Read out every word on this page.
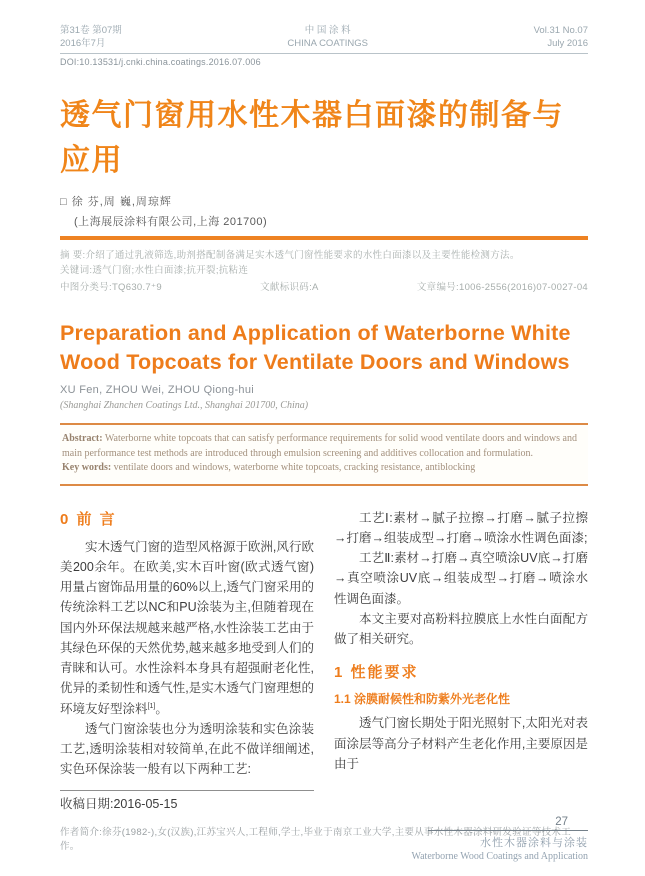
第31卷 第07期
2016年7月
中 国 涂 料
CHINA COATINGS
Vol.31 No.07
July 2016
DOI:10.13531/j.cnki.china.coatings.2016.07.006
透气门窗用水性木器白面漆的制备与应用
□ 徐 芬,周 巍,周琼辉
(上海展辰涂料有限公司,上海 201700)
摘 要:介绍了通过乳液筛选,助剂搭配制备满足实木透气门窗性能要求的水性白面漆以及主要性能检测方法。
关键词:透气门窗;水性白面漆;抗开裂;抗粘连
中图分类号:TQ630.7⁺9	文献标识码:A	文章编号:1006-2556(2016)07-0027-04
Preparation and Application of Waterborne White Wood Topcoats for Ventilate Doors and Windows
XU Fen, ZHOU Wei, ZHOU Qiong-hui
(Shanghai Zhanchen Coatings Ltd., Shanghai 201700, China)
Abstract: Waterborne white topcoats that can satisfy performance requirements for solid wood ventilate doors and windows and main performance test methods are introduced through emulsion screening and additives collocation and formulation.
Key words: ventilate doors and windows, waterborne white topcoats, cracking resistance, antiblocking
0 前 言

实木透气门窗的造型风格源于欧洲,风行欧美200余年。在欧美,实木百叶窗(欧式透气窗)用量占窗饰品用量的60%以上,透气门窗采用的传统涂料工艺以NC和PU涂装为主,但随着现在国内外环保法规越来越严格,水性涂装工艺由于其绿色环保的天然优势,越来越多地受到人们的青睐和认可。水性涂料本身具有超强耐老化性,优异的柔韧性和透气性,是实木透气门窗理想的环境友好型涂料[1]。

透气门窗涂装也分为透明涂装和实色涂装工艺,透明涂装相对较简单,在此不做详细阐述,实色环保涂装一般有以下两种工艺:

收稿日期:2016-05-15

工艺Ⅰ:素材→腻子拉擦→打磨→腻子拉擦→打磨→组装成型→打磨→喷涂水性调色面漆;

工艺Ⅱ:素材→打磨→真空喷涂UV底→打磨→真空喷涂UV底→组装成型→打磨→喷涂水性调色面漆。

本文主要对高粉料拉膜底上水性白面配方做了相关研究。

1 性能要求
1.1 涂膜耐候性和防紫外光老化性

透气门窗长期处于阳光照射下,太阳光对表面涂层等高分子材料产生老化作用,主要原因是由于

作者简介:徐芬(1982-),女(汉族),江苏宝兴人,工程师,学士,毕业于南京工业大学,主要从事水性木器涂料研发验证等技术工作。
27
水性木器涂料与涂装
Waterborne Wood Coatings and Application
